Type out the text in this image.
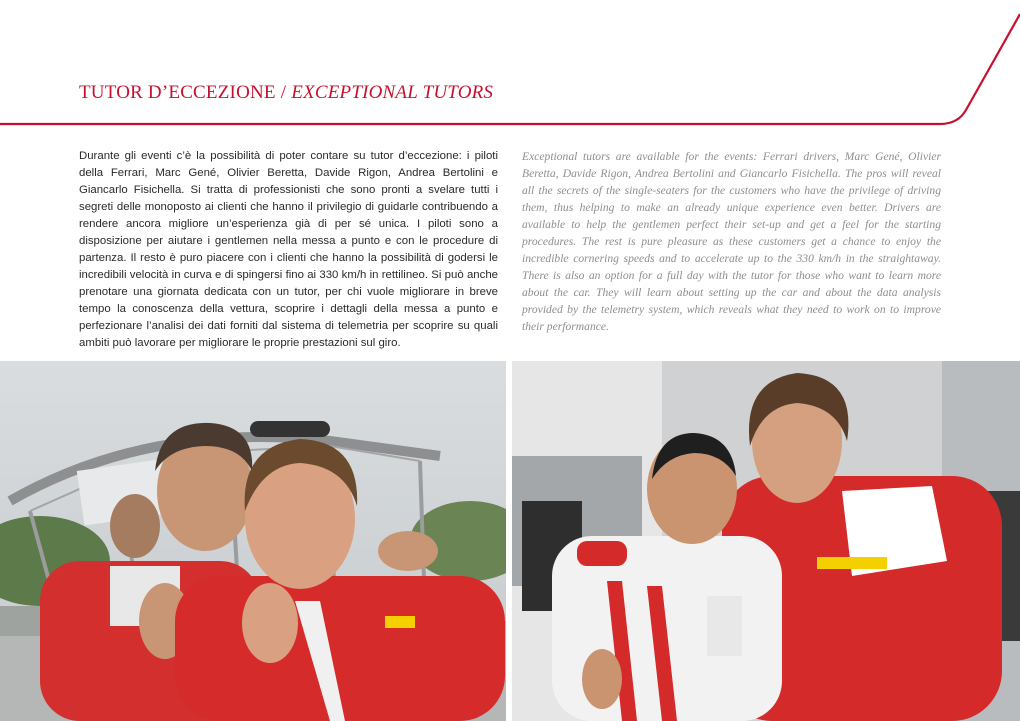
TUTOR D’ECCEZIONE / EXCEPTIONAL TUTORS

Durante gli eventi c’è la possibilità di poter contare su tutor d’eccezione: i piloti della Ferrari, Marc Gené, Olivier Beretta, Davide Rigon, Andrea Bertolini e Giancarlo Fisichella. Si tratta di professionisti che sono pronti a svelare tutti i segreti delle monoposto ai clienti che hanno il privilegio di guidarle contribuendo a rendere ancora migliore un’esperienza già di per sé unica. I piloti sono a disposizione per aiutare i gentlemen nella messa a punto e con le procedure di partenza. Il resto è puro piacere con i clienti che hanno la possibilità di godersi le incredibili velocità in curva e di spingersi fino ai 330 km/h in rettilineo. Si può anche prenotare una giornata dedicata con un tutor, per chi vuole migliorare in breve tempo la conoscenza della vettura, scoprire i dettagli della messa a punto e perfezionare l’analisi dei dati forniti dal sistema di telemetria per scoprire su quali ambiti può lavorare per migliorare le proprie prestazioni sul giro.

Exceptional tutors are available for the events: Ferrari drivers, Marc Gené, Olivier Beretta, Davide Rigon, Andrea Bertolini and Giancarlo Fisichella. The pros will reveal all the secrets of the single-seaters for the customers who have the privilege of driving them, thus helping to make an already unique experience even better. Drivers are available to help the gentlemen perfect their set-up and get a feel for the starting procedures. The rest is pure pleasure as these customers get a chance to enjoy the incredible cornering speeds and to accelerate up to the 330 km/h in the straightaway. There is also an option for a full day with the tutor for those who want to learn more about the car. They will learn about setting up the car and about the data analysis provided by the telemetry system, which reveals what they need to work on to improve their performance.
